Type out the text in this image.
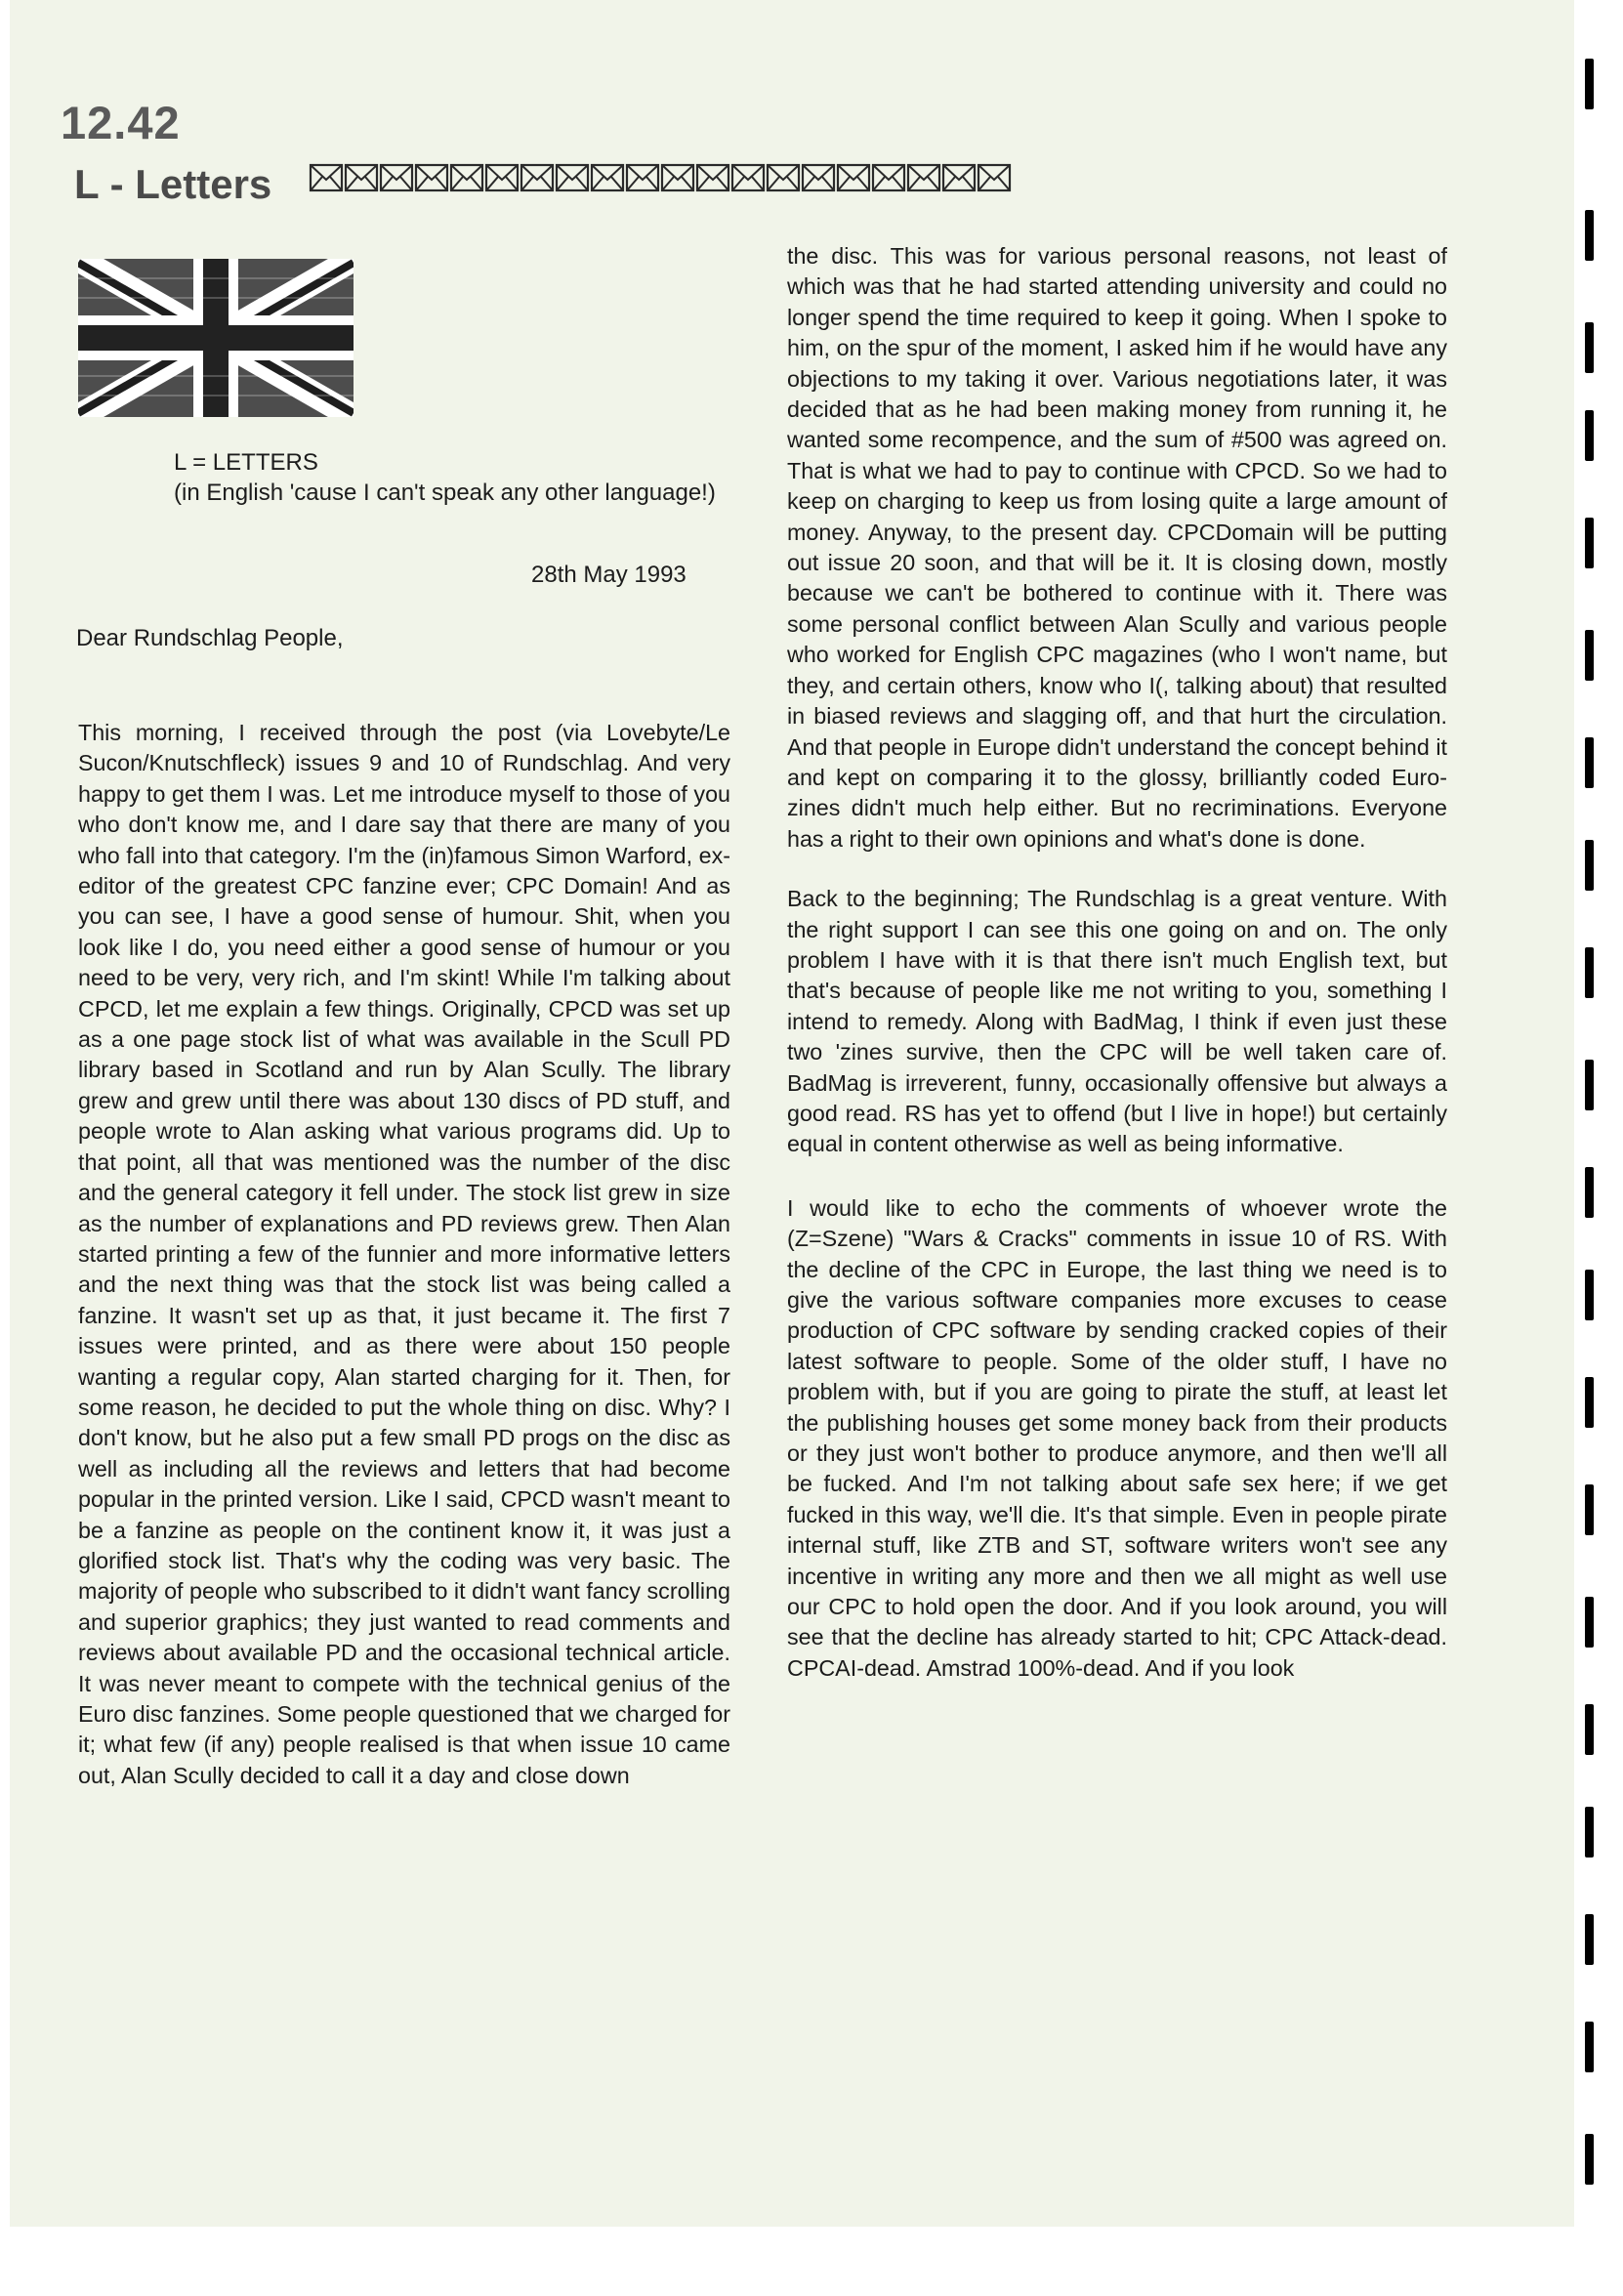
12.42
L - Letters
L = LETTERS
(in English 'cause I can't speak any other language!)
28th May 1993
Dear Rundschlag People,

This morning, I received through the post (via Lovebyte/Le Sucon/Knutschfleck) issues 9 and 10 of Rundschlag. And very happy to get them I was. Let me introduce myself to those of you who don't know me, and I dare say that there are many of you who fall into that category. I'm the (in)famous Simon Warford, ex-editor of the greatest CPC fanzine ever; CPC Domain! And as you can see, I have a good sense of humour. Shit, when you look like I do, you need either a good sense of humour or you need to be very, very rich, and I'm skint! While I'm talking about CPCD, let me explain a few things. Originally, CPCD was set up as a one page stock list of what was available in the Scull PD library based in Scotland and run by Alan Scully. The library grew and grew until there was about 130 discs of PD stuff, and people wrote to Alan asking what various programs did. Up to that point, all that was mentioned was the number of the disc and the general category it fell under. The stock list grew in size as the number of explanations and PD reviews grew. Then Alan started printing a few of the funnier and more informative letters and the next thing was that the stock list was being called a fanzine. It wasn't set up as that, it just became it. The first 7 issues were printed, and as there were about 150 people wanting a regular copy, Alan started charging for it. Then, for some reason, he decided to put the whole thing on disc. Why? I don't know, but he also put a few small PD progs on the disc as well as including all the reviews and letters that had become popular in the printed version. Like I said, CPCD wasn't meant to be a fanzine as people on the continent know it, it was just a glorified stock list. That's why the coding was very basic. The majority of people who subscribed to it didn't want fancy scrolling and superior graphics; they just wanted to read comments and reviews about available PD and the occasional technical article. It was never meant to compete with the technical genius of the Euro disc fanzines. Some people questioned that we charged for it; what few (if any) people realised is that when issue 10 came out, Alan Scully decided to call it a day and close down

the disc. This was for various personal reasons, not least of which was that he had started attending university and could no longer spend the time required to keep it going. When I spoke to him, on the spur of the moment, I asked him if he would have any objections to my taking it over. Various negotiations later, it was decided that as he had been making money from running it, he wanted some recompence, and the sum of #500 was agreed on. That is what we had to pay to continue with CPCD. So we had to keep on charging to keep us from losing quite a large amount of money. Anyway, to the present day. CPCDomain will be putting out issue 20 soon, and that will be it. It is closing down, mostly because we can't be bothered to continue with it. There was some personal conflict between Alan Scully and various people who worked for English CPC magazines (who I won't name, but they, and certain others, know who I(, talking about) that resulted in biased reviews and slagging off, and that hurt the circulation. And that people in Europe didn't understand the concept behind it and kept on comparing it to the glossy, brilliantly coded Euro-zines didn't much help either. But no recriminations. Everyone has a right to their own opinions and what's done is done.

Back to the beginning; The Rundschlag is a great venture. With the right support I can see this one going on and on. The only problem I have with it is that there isn't much English text, but that's because of people like me not writing to you, something I intend to remedy. Along with BadMag, I think if even just these two 'zines survive, then the CPC will be well taken care of. BadMag is irreverent, funny, occasionally offensive but always a good read. RS has yet to offend (but I live in hope!) but certainly equal in content otherwise as well as being informative.

I would like to echo the comments of whoever wrote the (Z=Szene) "Wars & Cracks" comments in issue 10 of RS. With the decline of the CPC in Europe, the last thing we need is to give the various software companies more excuses to cease production of CPC software by sending cracked copies of their latest software to people. Some of the older stuff, I have no problem with, but if you are going to pirate the stuff, at least let the publishing houses get some money back from their products or they just won't bother to produce anymore, and then we'll all be fucked. And I'm not talking about safe sex here; if we get fucked in this way, we'll die. It's that simple. Even in people pirate internal stuff, like ZTB and ST, software writers won't see any incentive in writing any more and then we all might as well use our CPC to hold open the door. And if you look around, you will see that the decline has already started to hit; CPC Attack-dead. CPCAI-dead. Amstrad 100%-dead. And if you look
